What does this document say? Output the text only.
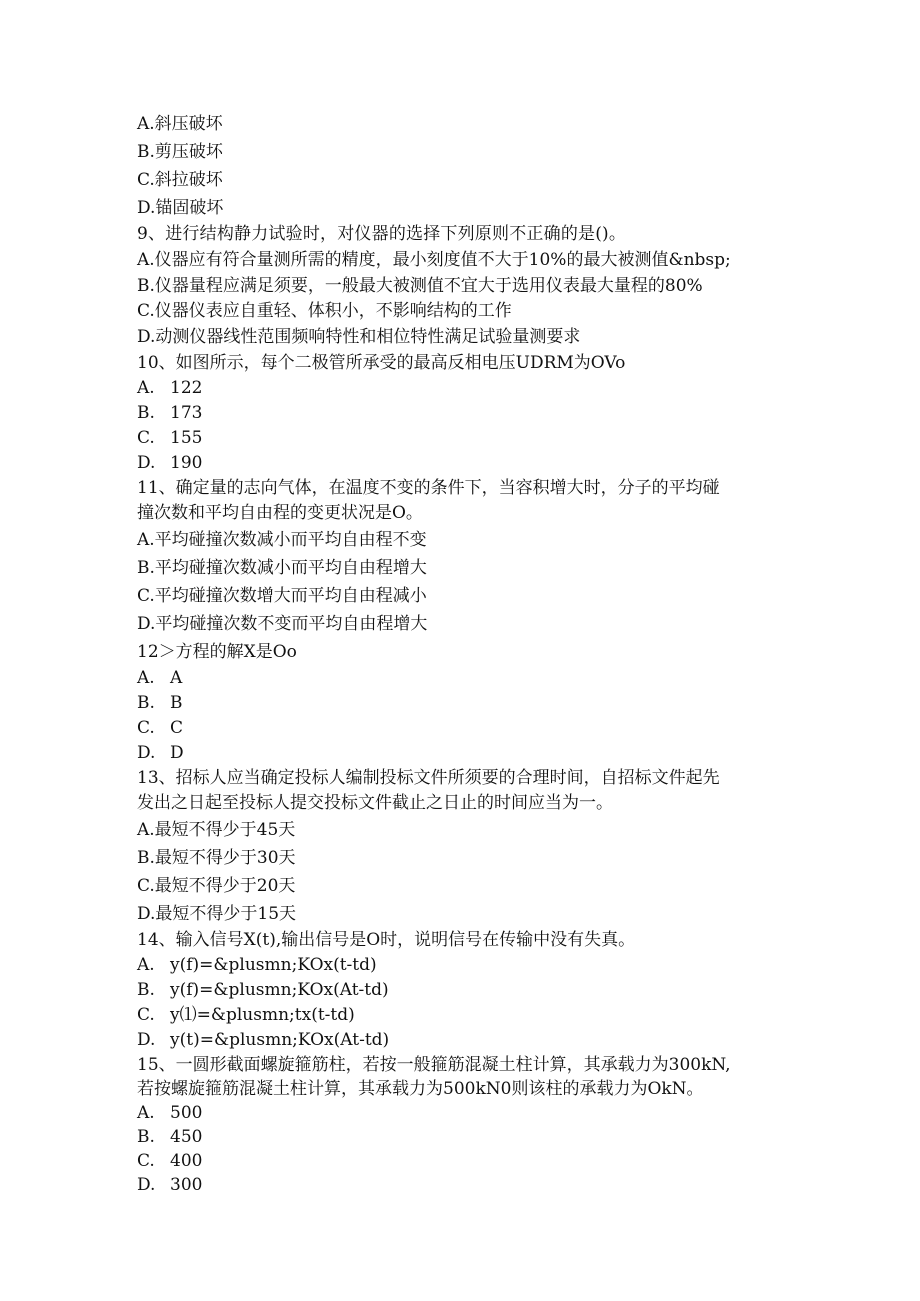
A.斜压破坏
B.剪压破坏
C.斜拉破坏
D.锚固破坏
9、进行结构静力试验时，对仪器的选择下列原则不正确的是()。
A.仪器应有符合量测所需的精度，最小刻度值不大于10%的最大被测值&nbsp;
B.仪器量程应满足须要，一般最大被测值不宜大于选用仪表最大量程的80%
C.仪器仪表应自重轻、体积小，不影响结构的工作
D.动测仪器线性范围频响特性和相位特性满足试验量测要求
10、如图所示，每个二极管所承受的最高反相电压UDRM为OVo
A. 122
B. 173
C. 155
D. 190
11、确定量的志向气体，在温度不变的条件下，当容积增大时，分子的平均碰
撞次数和平均自由程的变更状况是O。
A.平均碰撞次数减小而平均自由程不变
B.平均碰撞次数减小而平均自由程增大
C.平均碰撞次数增大而平均自由程减小
D.平均碰撞次数不变而平均自由程增大
12＞方程的解X是Oo
A. A
B. B
C. C
D. D
13、招标人应当确定投标人编制投标文件所须要的合理时间，自招标文件起先
发出之日起至投标人提交投标文件截止之日止的时间应当为一。
A.最短不得少于45天
B.最短不得少于30天
C.最短不得少于20天
D.最短不得少于15天
14、输入信号X(t),输出信号是O时，说明信号在传输中没有失真。
A. y(f)=&plusmn;KOx(t-td)
B. y(f)=&plusmn;KOx(At-td)
C. y⑴=&plusmn;tx(t-td)
D. y(t)=&plusmn;KOx(At-td)
15、一圆形截面螺旋箍筋柱，若按一般箍筋混凝土柱计算，其承载力为300kN,
若按螺旋箍筋混凝土柱计算，其承载力为500kN0则该柱的承载力为OkN。
A. 500
B. 450
C. 400
D. 300
